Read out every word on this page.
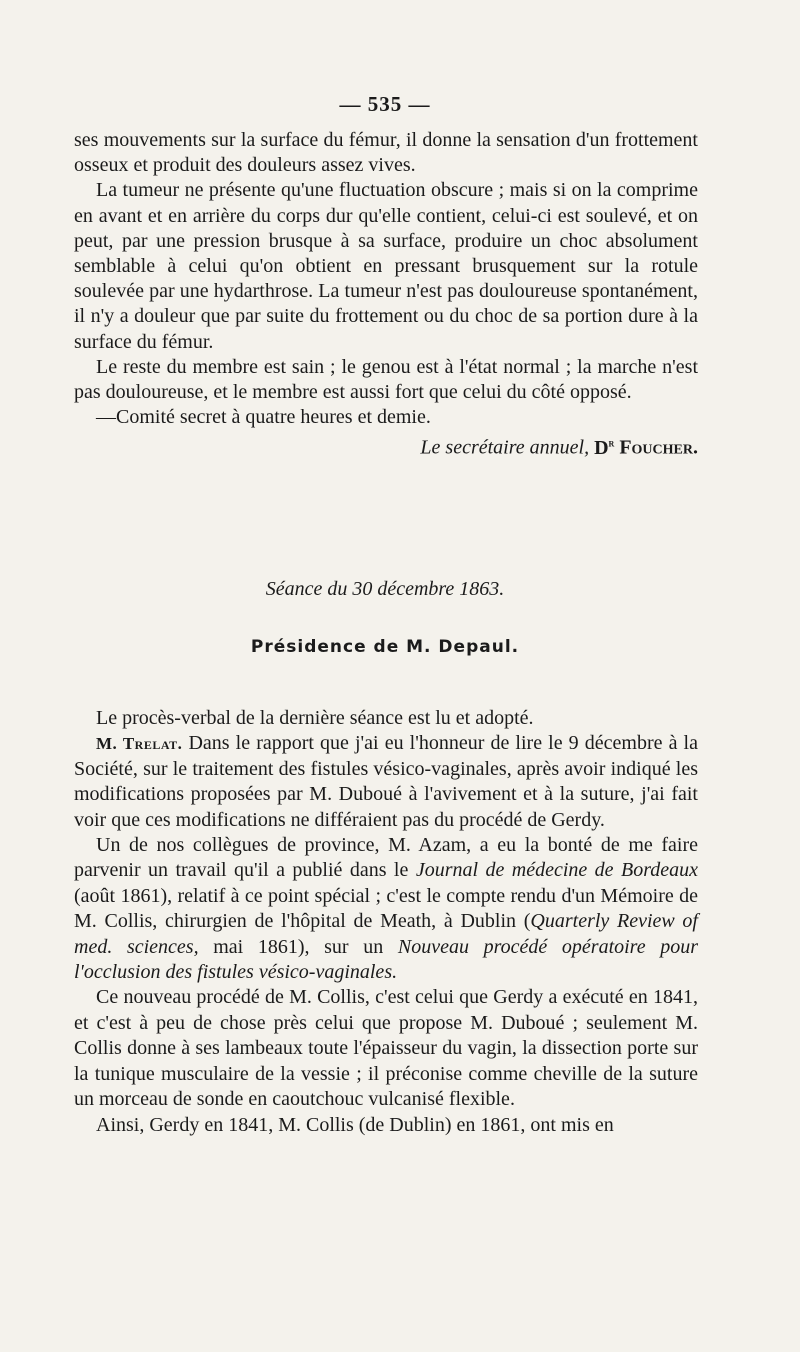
— 535 —

ses mouvements sur la surface du fémur, il donne la sensation d'un frottement osseux et produit des douleurs assez vives.

La tumeur ne présente qu'une fluctuation obscure ; mais si on la comprime en avant et en arrière du corps dur qu'elle contient, celui-ci est soulevé, et on peut, par une pression brusque à sa surface, produire un choc absolument semblable à celui qu'on obtient en pressant brusquement sur la rotule soulevée par une hydarthrose. La tumeur n'est pas douloureuse spontanément, il n'y a douleur que par suite du frottement ou du choc de sa portion dure à la surface du fémur.

Le reste du membre est sain ; le genou est à l'état normal ; la marche n'est pas douloureuse, et le membre est aussi fort que celui du côté opposé.

—Comité secret à quatre heures et demie.

Le secrétaire annuel, $D^r$ Foucher.

Séance du 30 décembre 1863.
Présidence de M. Depaul.

Le procès-verbal de la dernière séance est lu et adopté.

M. Trelat. Dans le rapport que j'ai eu l'honneur de lire le 9 décembre à la Société, sur le traitement des fistules vésico-vaginales, après avoir indiqué les modifications proposées par M. Duboué à l'avivement et à la suture, j'ai fait voir que ces modifications ne différaient pas du procédé de Gerdy.

Un de nos collègues de province, M. Azam, a eu la bonté de me faire parvenir un travail qu'il a publié dans le Journal de médecine de Bordeaux (août 1861), relatif à ce point spécial ; c'est le compte rendu d'un Mémoire de M. Collis, chirurgien de l'hôpital de Meath, à Dublin (Quarterly Review of med. sciences, mai 1861), sur un Nouveau procédé opératoire pour l'occlusion des fistules vésico-vaginales.

Ce nouveau procédé de M. Collis, c'est celui que Gerdy a exécuté en 1841, et c'est à peu de chose près celui que propose M. Duboué ; seulement M. Collis donne à ses lambeaux toute l'épaisseur du vagin, la dissection porte sur la tunique musculaire de la vessie ; il préconise comme cheville de la suture un morceau de sonde en caoutchouc vulcanisé flexible.

Ainsi, Gerdy en 1841, M. Collis (de Dublin) en 1861, ont mis en
